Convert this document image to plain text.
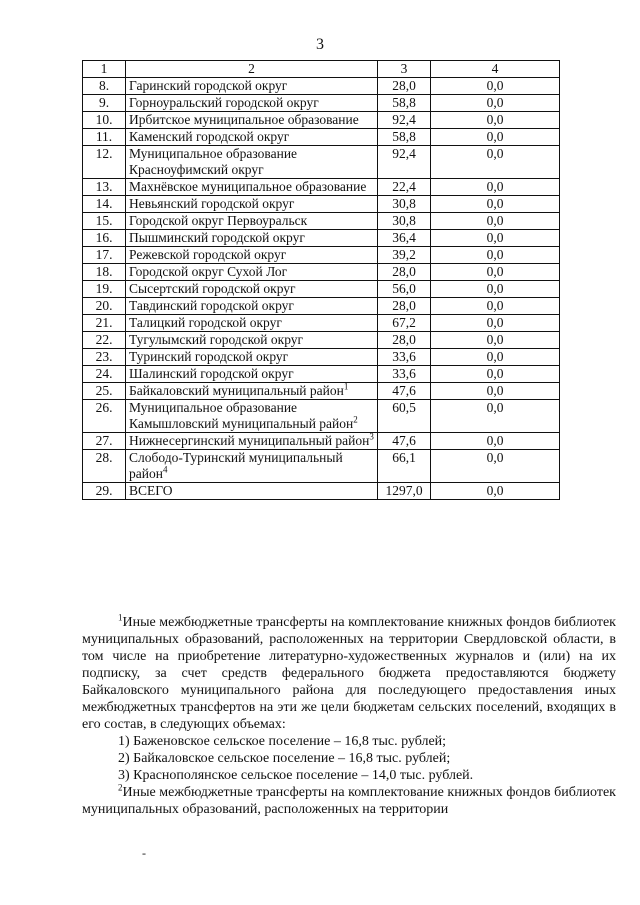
3
1	2	3	4
8.	Гаринский городской округ	28,0	0,0
9.	Горноуральский городской округ	58,8	0,0
10.	Ирбитское муниципальное образование	92,4	0,0
11.	Каменский городской округ	58,8	0,0
12.	Муниципальное образование Красноуфимский округ	92,4	0,0
13.	Махнёвское муниципальное образование	22,4	0,0
14.	Невьянский городской округ	30,8	0,0
15.	Городской округ Первоуральск	30,8	0,0
16.	Пышминский городской округ	36,4	0,0
17.	Режевской городской округ	39,2	0,0
18.	Городской округ Сухой Лог	28,0	0,0
19.	Сысертский городской округ	56,0	0,0
20.	Тавдинский городской округ	28,0	0,0
21.	Талицкий городской округ	67,2	0,0
22.	Тугулымский городской округ	28,0	0,0
23.	Туринский городской округ	33,6	0,0
24.	Шалинский городской округ	33,6	0,0
25.	Байкаловский муниципальный район$^1$	47,6	0,0
26.	Муниципальное образование Камышловский муниципальный район$^2$	60,5	0,0
27.	Нижнесергинский муниципальный район$^3$	47,6	0,0
28.	Слободо-Туринский муниципальный район$^4$	66,1	0,0
29.	ВСЕГО	1297,0	0,0

$^1$Иные межбюджетные трансферты на комплектование книжных фондов библиотек муниципальных образований, расположенных на территории Свердловской области, в том числе на приобретение литературно-художественных журналов и (или) на их подписку, за счет средств федерального бюджета предоставляются бюджету Байкаловского муниципального района для последующего предоставления иных межбюджетных трансфертов на эти же цели бюджетам сельских поселений, входящих в его состав, в следующих объемах:

1) Баженовское сельское поселение – 16,8 тыс. рублей;
2) Байкаловское сельское поселение – 16,8 тыс. рублей;
3) Краснополянское сельское поселение – 14,0 тыс. рублей.

$^2$Иные межбюджетные трансферты на комплектование книжных фондов библиотек муниципальных образований, расположенных на территории

-
